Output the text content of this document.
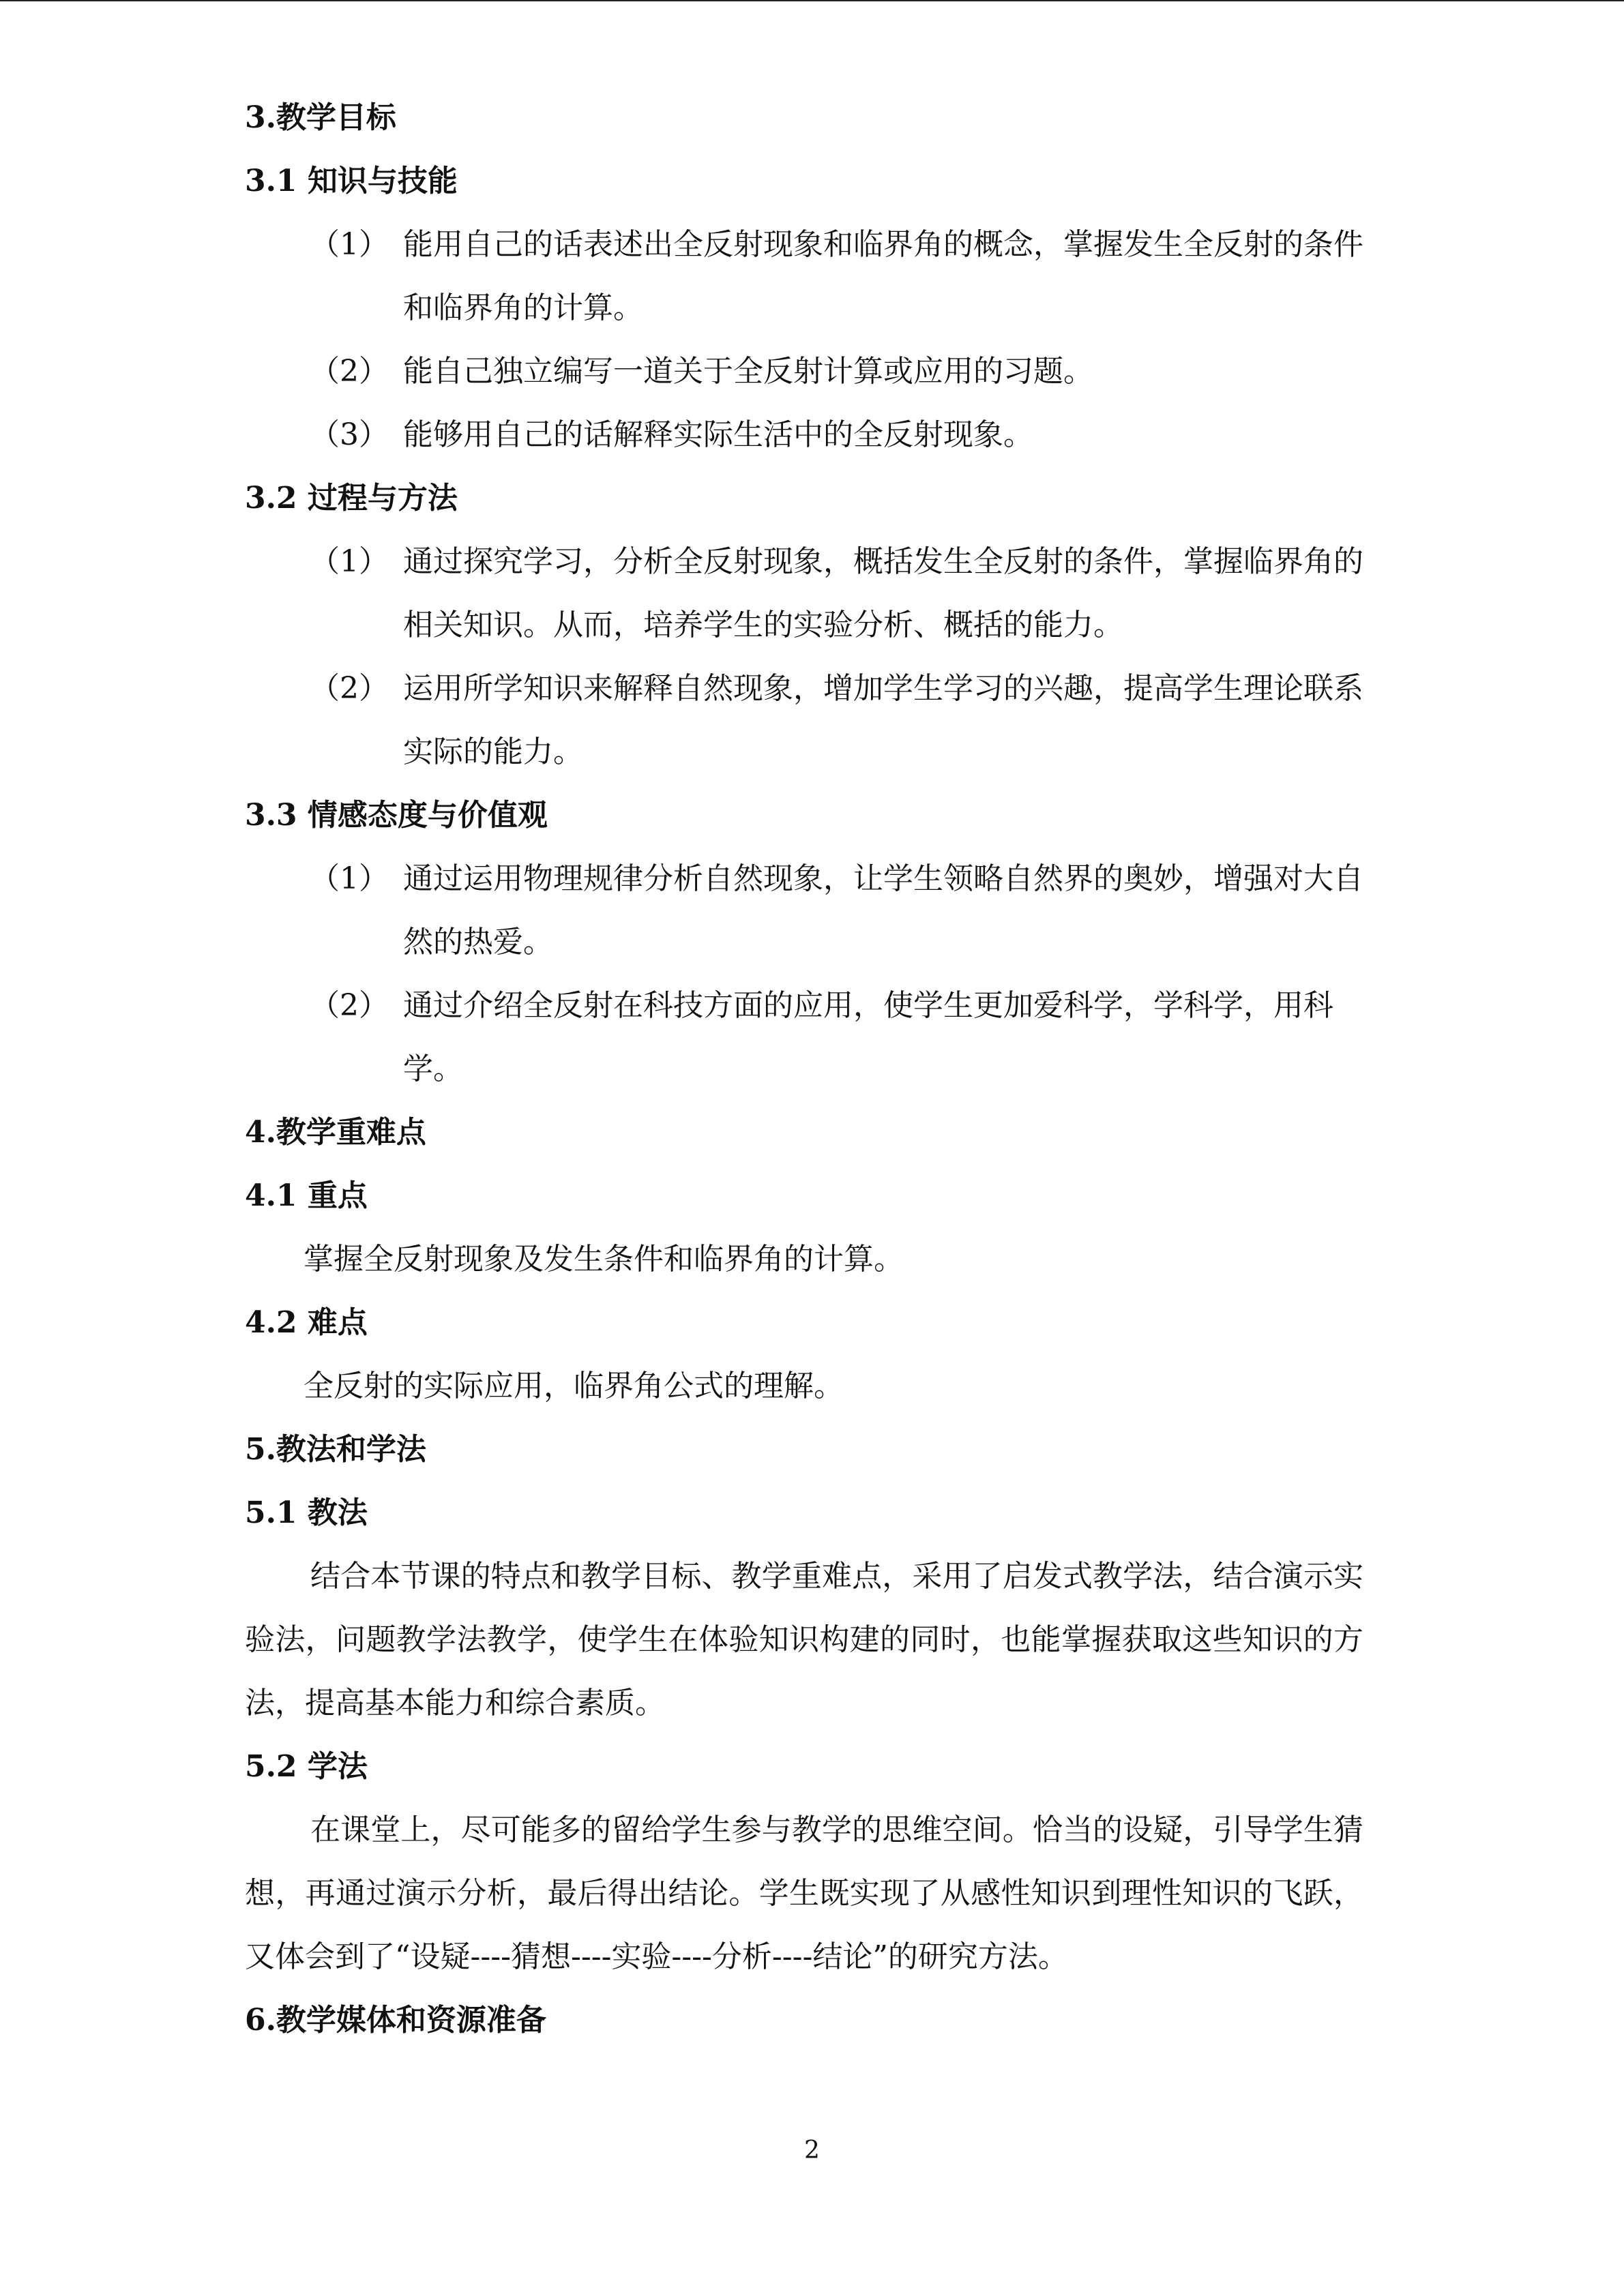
3.教学目标
3.1 知识与技能
（1） 能用自己的话表述出全反射现象和临界角的概念，掌握发生全反射的条件和临界角的计算。
（2） 能自己独立编写一道关于全反射计算或应用的习题。
（3） 能够用自己的话解释实际生活中的全反射现象。
3.2 过程与方法
（1） 通过探究学习，分析全反射现象，概括发生全反射的条件，掌握临界角的相关知识。从而，培养学生的实验分析、概括的能力。
（2） 运用所学知识来解释自然现象，增加学生学习的兴趣，提高学生理论联系实际的能力。
3.3 情感态度与价值观
（1） 通过运用物理规律分析自然现象，让学生领略自然界的奥妙，增强对大自然的热爱。
（2） 通过介绍全反射在科技方面的应用，使学生更加爱科学，学科学，用科学。
4.教学重难点
4.1 重点
掌握全反射现象及发生条件和临界角的计算。
4.2 难点
全反射的实际应用，临界角公式的理解。
5.教法和学法
5.1 教法
结合本节课的特点和教学目标、教学重难点，采用了启发式教学法，结合演示实验法，问题教学法教学，使学生在体验知识构建的同时，也能掌握获取这些知识的方法，提高基本能力和综合素质。
5.2 学法
在课堂上，尽可能多的留给学生参与教学的思维空间。恰当的设疑，引导学生猜想，再通过演示分析，最后得出结论。学生既实现了从感性知识到理性知识的飞跃，又体会到了“设疑----猜想----实验----分析----结论”的研究方法。
6.教学媒体和资源准备
2
